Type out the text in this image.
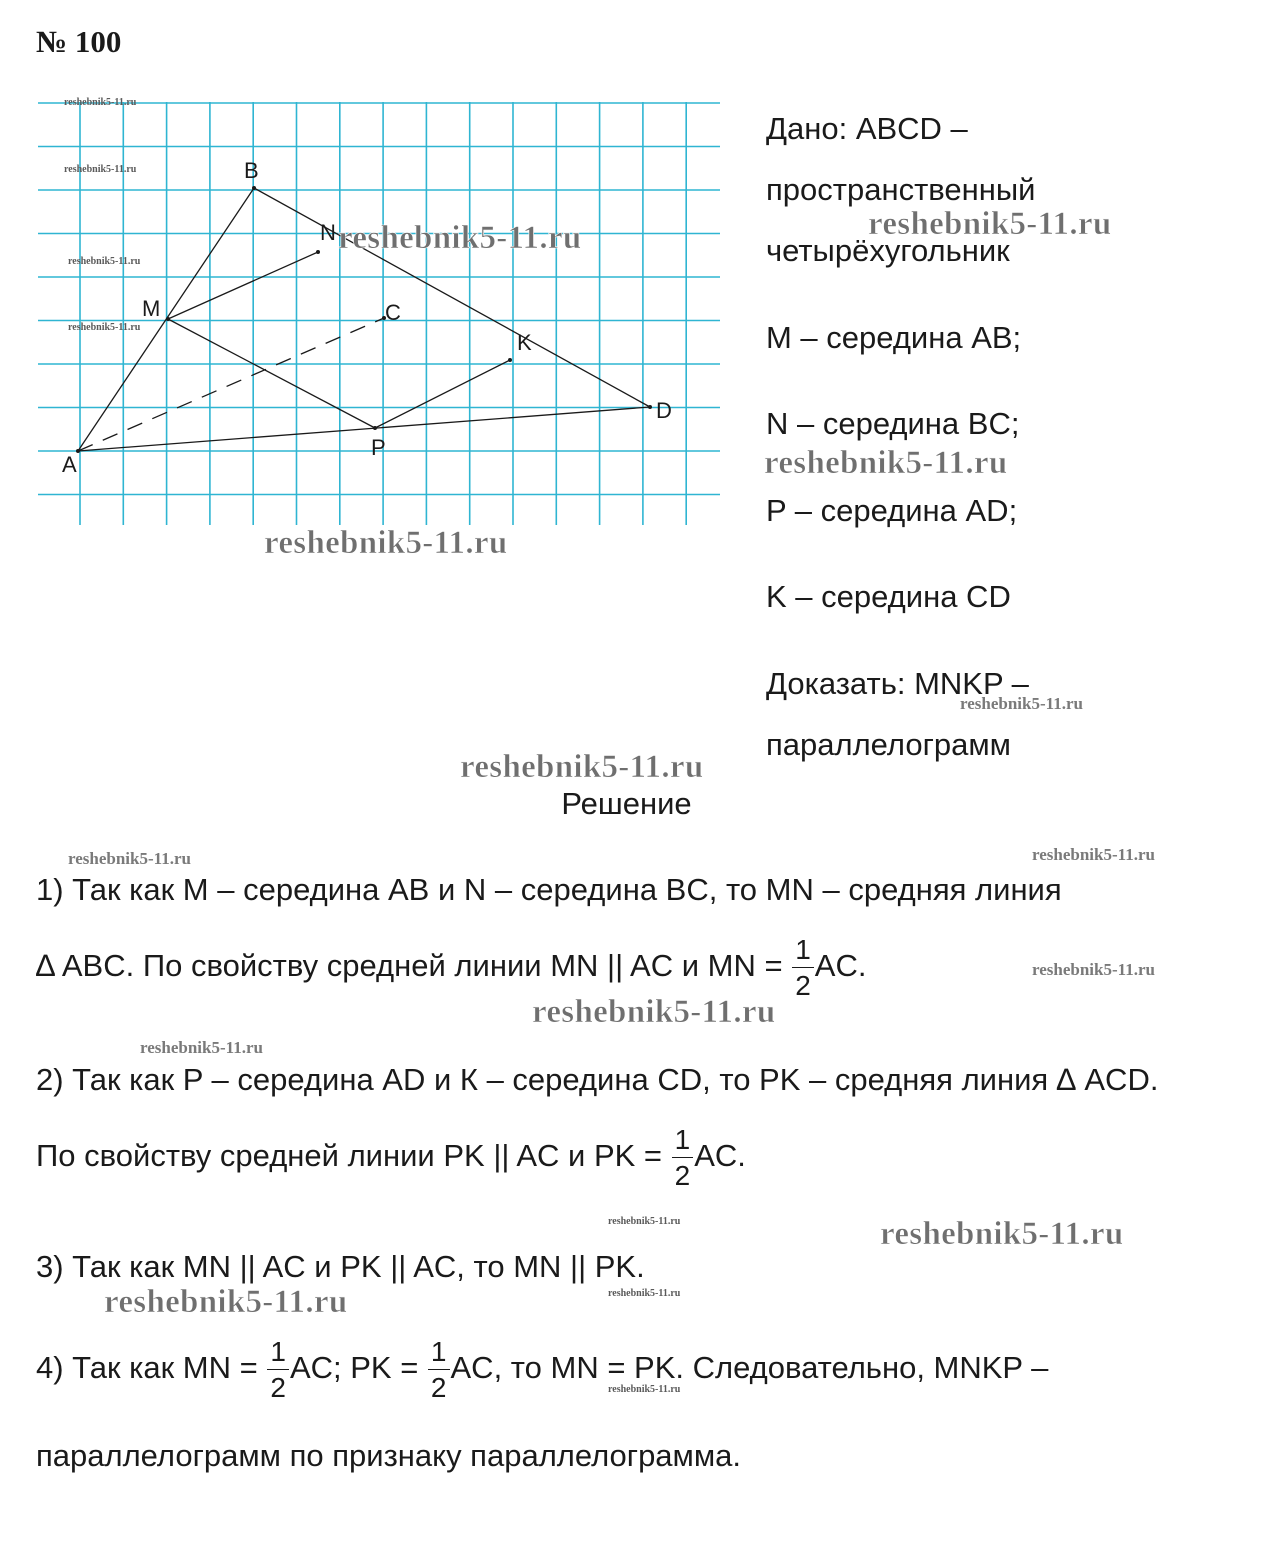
№ 100
A
B
C
D
M
N
K
P
Дано: ABCD –
пространственный
четырёхугольник
M – середина AB;
N – середина BC;
P – середина AD;
K – середина CD
Доказать: MNKP –
параллелограмм
Решение
1) Так как M – середина AB и N – середина BC, то MN – средняя линия
∆ ABC. По свойству средней линии MN || AC и MN = $\frac{1}{2}$ AC.
2) Так как P – середина AD и К – середина CD, то PK – средняя линия ∆ ACD.
По свойству средней линии PK || AC и PK = $\frac{1}{2}$ AC.
3) Так как MN || AC и PK || AC, то MN || PK.
4) Так как MN = $\frac{1}{2}$ AC; PK = $\frac{1}{2}$ AC, то MN = PK. Следовательно, MNKP –
параллелограмм по признаку параллелограмма.
reshebnik5-11.ru	reshebnik5-11.ru
reshebnik5-11.ru
reshebnik5-11.ru
reshebnik5-11.ru
reshebnik5-11.ru
reshebnik5-11.ru
reshebnik5-11.ru
reshebnik5-11.ru
reshebnik5-11.ru	reshebnik5-11.ru
reshebnik5-11.ru
reshebnik5-11.ru
reshebnik5-11.ru
reshebnik5-11.ru
reshebnik5-11.ru
reshebnik5-11.ru
reshebnik5-11.ru
reshebnik5-11.ru
reshebnik5-11.ru
